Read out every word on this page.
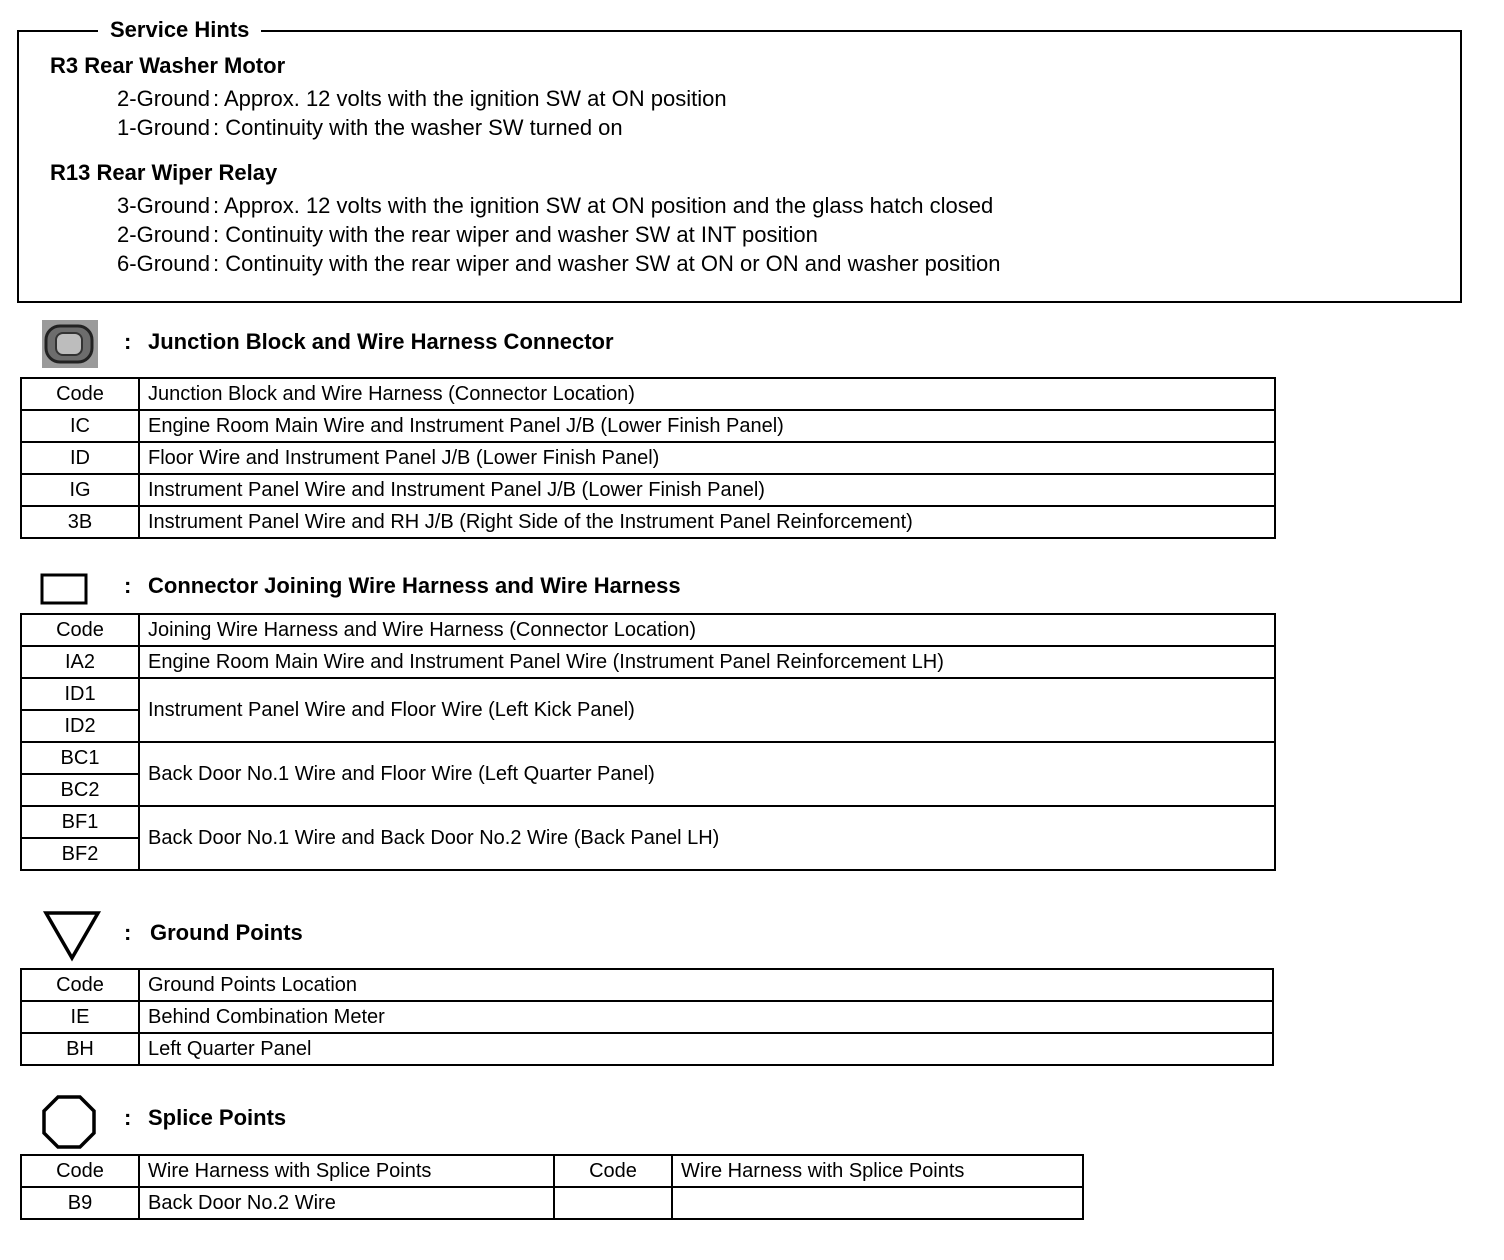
Service Hints
R3 Rear Washer Motor
2-Ground : Approx. 12 volts with the ignition SW at ON position
1-Ground : Continuity with the washer SW turned on
R13 Rear Wiper Relay
3-Ground : Approx. 12 volts with the ignition SW at ON position and the glass hatch closed
2-Ground : Continuity with the rear wiper and washer SW at INT position
6-Ground : Continuity with the rear wiper and washer SW at ON or ON and washer position
: Junction Block and Wire Harness Connector
Code	Junction Block and Wire Harness (Connector Location)
IC	Engine Room Main Wire and Instrument Panel J/B (Lower Finish Panel)
ID	Floor Wire and Instrument Panel J/B (Lower Finish Panel)
IG	Instrument Panel Wire and Instrument Panel J/B (Lower Finish Panel)
3B	Instrument Panel Wire and RH J/B (Right Side of the Instrument Panel Reinforcement)
: Connector Joining Wire Harness and Wire Harness
Code	Joining Wire Harness and Wire Harness (Connector Location)
IA2	Engine Room Main Wire and Instrument Panel Wire (Instrument Panel Reinforcement LH)
ID1	Instrument Panel Wire and Floor Wire (Left Kick Panel)
ID2	
BC1	Back Door No.1 Wire and Floor Wire (Left Quarter Panel)
BC2	
BF1	Back Door No.1 Wire and Back Door No.2 Wire (Back Panel LH)
BF2	
: Ground Points
Code	Ground Points Location
IE	Behind Combination Meter
BH	Left Quarter Panel
: Splice Points
Code	Wire Harness with Splice Points	Code	Wire Harness with Splice Points
B9	Back Door No.2 Wire		
